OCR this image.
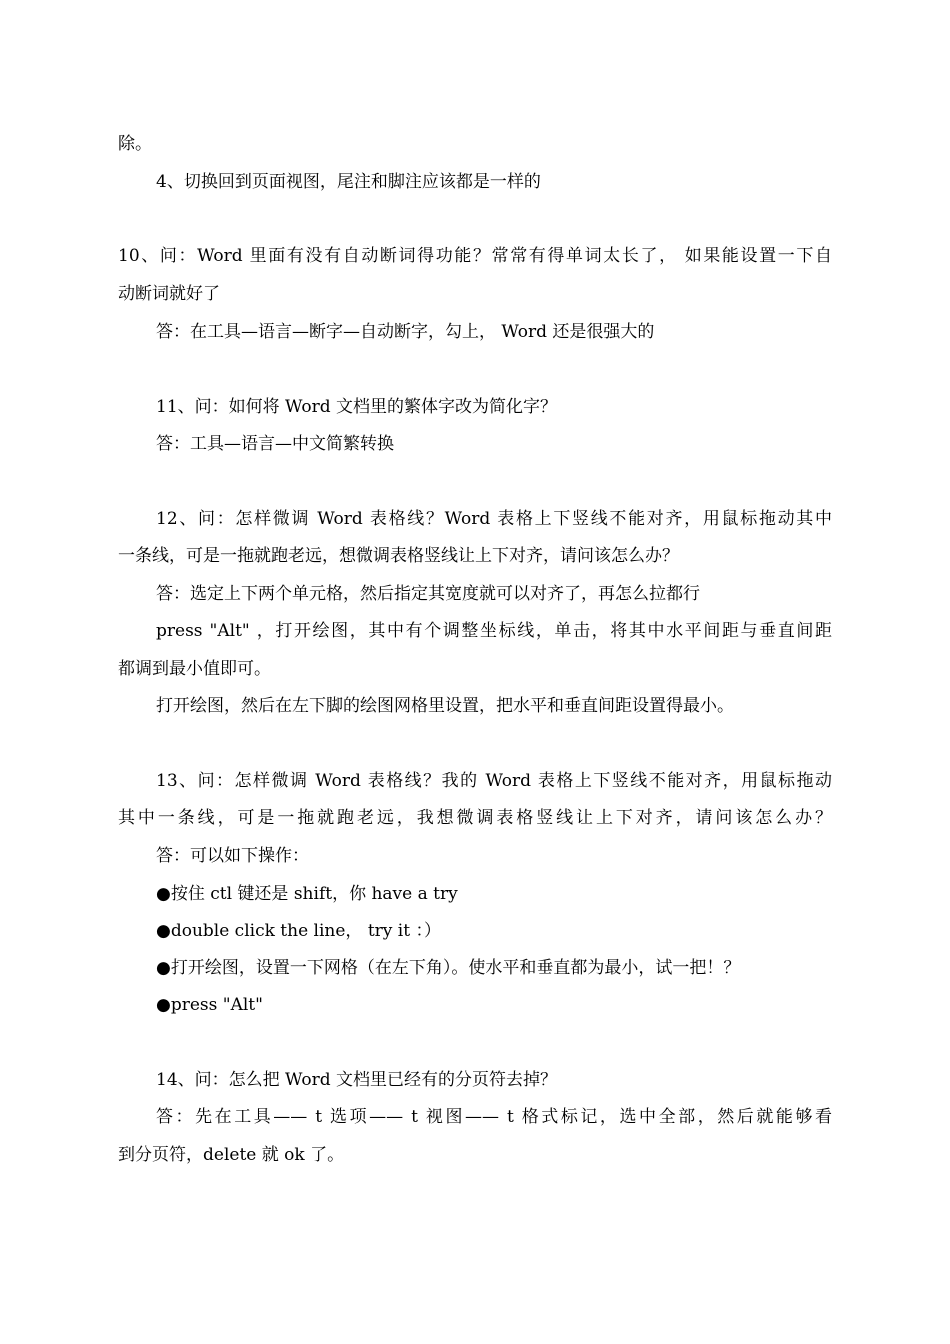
除。
4、切换回到页面视图，尾注和脚注应该都是一样的
10、问：Word 里面有没有自动断词得功能？常常有得单词太长了， 如果能设置一下自
动断词就好了
答：在工具—语言—断字—自动断字，勾上， Word 还是很强大的
11、问：如何将 Word 文档里的繁体字改为简化字？
答：工具—语言—中文简繁转换
12、问：怎样微调 Word 表格线？Word 表格上下竖线不能对齐，用鼠标拖动其中
一条线，可是一拖就跑老远，想微调表格竖线让上下对齐，请问该怎么办？
答：选定上下两个单元格，然后指定其宽度就可以对齐了，再怎么拉都行
press "Alt" ，打开绘图，其中有个调整坐标线，单击，将其中水平间距与垂直间距
都调到最小值即可。
打开绘图，然后在左下脚的绘图网格里设置，把水平和垂直间距设置得最小。
13、问：怎样微调 Word 表格线？我的 Word 表格上下竖线不能对齐，用鼠标拖动
其中一条线，可是一拖就跑老远，我想微调表格竖线让上下对齐，请问该怎么办？
答：可以如下操作：
●按住 ctl 键还是 shift，你 have a try
●double click the line， try it ：）
●打开绘图，设置一下网格（在左下角）。使水平和垂直都为最小，试一把！？
●press "Alt"
14、问：怎么把 Word 文档里已经有的分页符去掉？
答：先在工具—— t 选项—— t 视图—— t 格式标记，选中全部，然后就能够看
到分页符，delete 就 ok 了。
